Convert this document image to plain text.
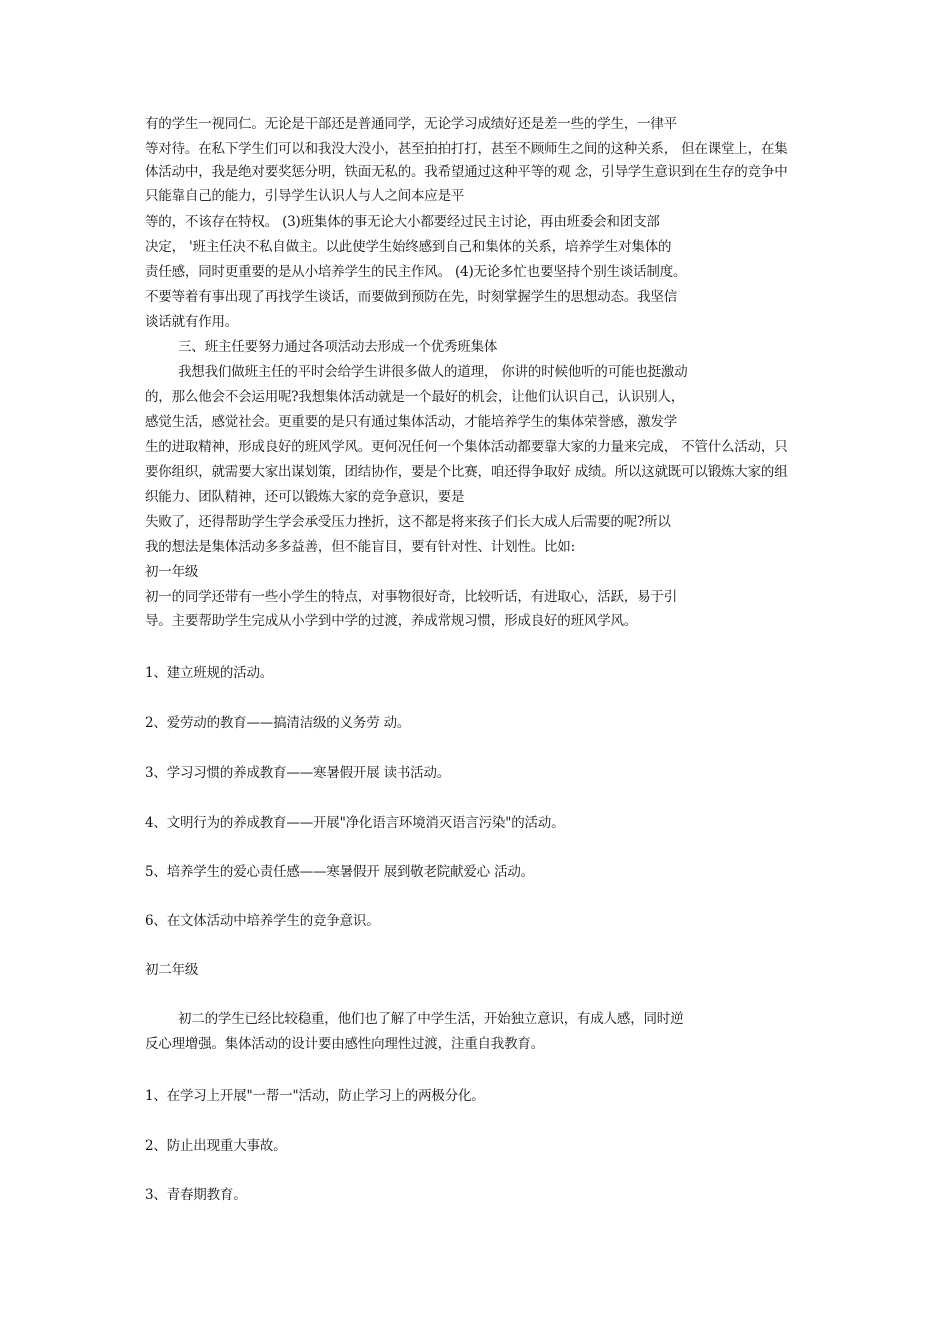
有的学生一视同仁。无论是干部还是普通同学，无论学习成绩好还是差一些的学生，一律平
等对待。在私下学生们可以和我没大没小，甚至拍拍打打，甚至不顾师生之间的这种关系， 但在课堂上，在集
体活动中，我是绝对要奖惩分明，铁面无私的。我希望通过这种平等的观 念，引导学生意识到在生存的竞争中
只能靠自己的能力，引导学生认识人与人之间本应是平
等的，不该存在特权。 (3)班集体的事无论大小都要经过民主讨论，再由班委会和团支部
决定， '班主任决不私自做主。以此使学生始终感到自己和集体的关系，培养学生对集体的
责任感，同时更重要的是从小培养学生的民主作风。 (4)无论多忙也要坚持个别生谈话制度。
不要等着有事出现了再找学生谈话，而要做到预防在先，时刻掌握学生的思想动态。我坚信
谈话就有作用。
三、班主任要努力通过各项活动去形成一个优秀班集体
我想我们做班主任的平时会给学生讲很多做人的道理， 你讲的时候他听的可能也挺激动
的，那么他会不会运用呢?我想集体活动就是一个最好的机会，让他们认识自己，认识别人，
感觉生活，感觉社会。更重要的是只有通过集体活动，才能培养学生的集体荣誉感，激发学
生的进取精神，形成良好的班风学风。更何况任何一个集体活动都要靠大家的力量来完成， 不管什么活动，只
要你组织，就需要大家出谋划策，团结协作，要是个比赛，咱还得争取好 成绩。所以这就既可以锻炼大家的组
织能力、团队精神，还可以锻炼大家的竞争意识，要是
失败了，还得帮助学生学会承受压力挫折，这不都是将来孩子们长大成人后需要的呢?所以
我的想法是集体活动多多益善，但不能盲目，要有针对性、计划性。比如:
初一年级
初一的同学还带有一些小学生的特点，对事物很好奇，比较听话，有进取心，活跃，易于引
导。主要帮助学生完成从小学到中学的过渡，养成常规习惯，形成良好的班风学风。
1、建立班规的活动。
2、爱劳动的教育——搞清洁级的义务劳 动。
3、学习习惯的养成教育——寒暑假开展 读书活动。
4、文明行为的养成教育——开展"净化语言环境消灭语言污染"的活动。
5、培养学生的爱心责任感——寒暑假开 展到敬老院献爱心 活动。
6、在文体活动中培养学生的竞争意识。
初二年级
初二的学生已经比较稳重，他们也了解了中学生活，开始独立意识，有成人感，同时逆
反心理增强。集体活动的设计要由感性向理性过渡，注重自我教育。
1、在学习上开展"一帮一"活动，防止学习上的两极分化。
2、防止出现重大事故。
3、青春期教育。
